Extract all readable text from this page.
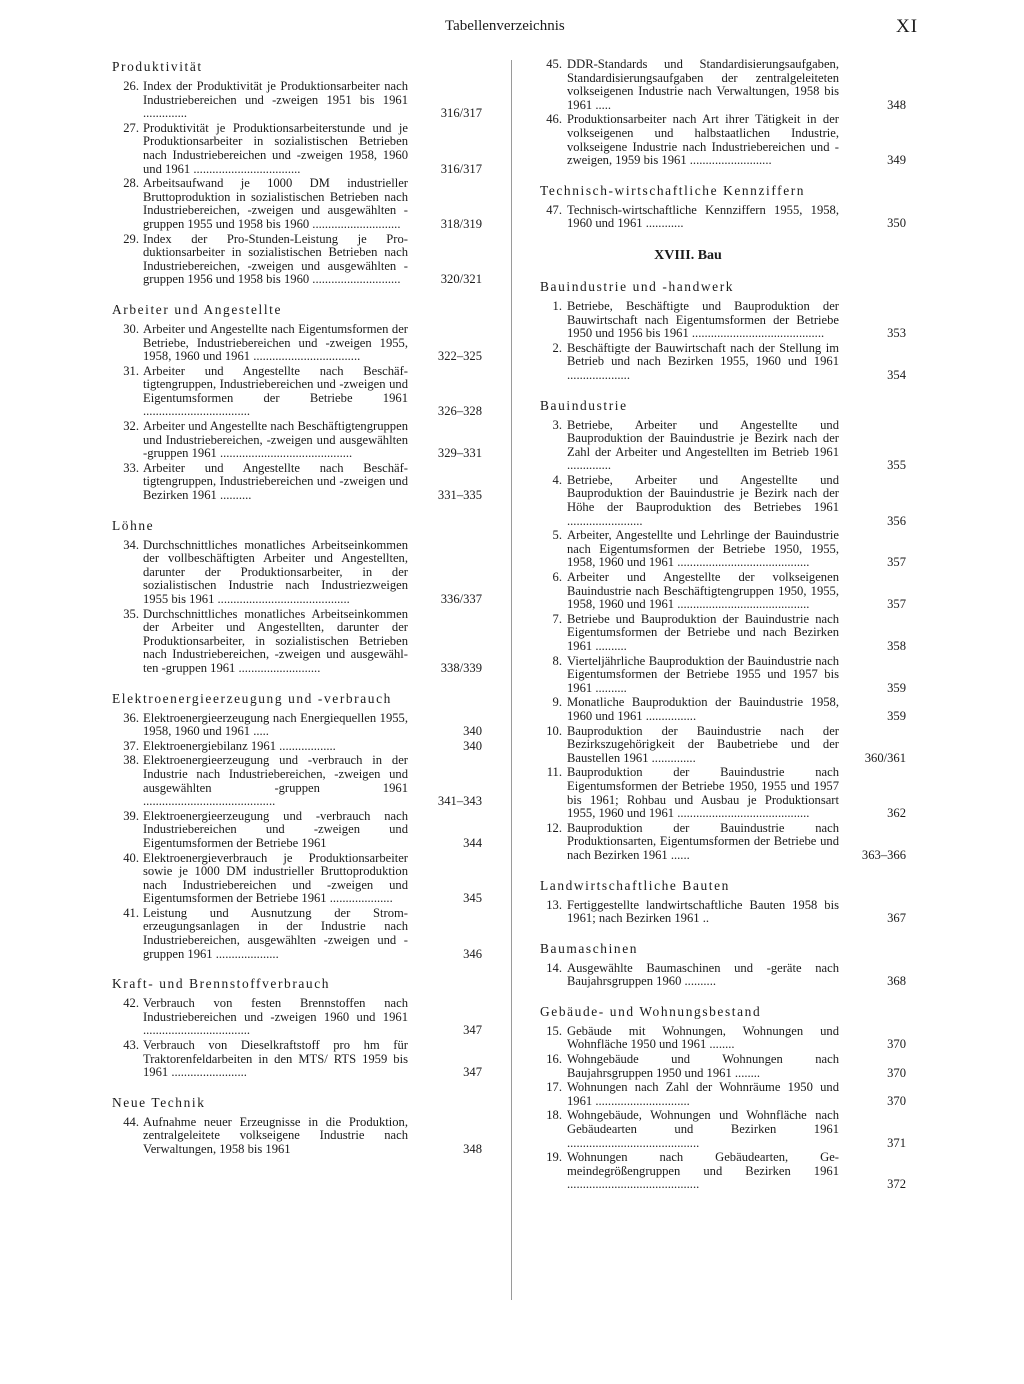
Tabellenverzeichnis	XI
Produktivität
26. Index der Produktivität je Produktionsarbeiter nach Industriebereichen und -zweigen 1951 bis 1961 ..............	316/317
27. Produktivität je Produktionsarbeiterstunde und je Produktionsarbeiter in sozialistischen Betrieben nach Industriebereichen und -zweigen 1958, 1960 und 1961 ..................................	316/317
28. Arbeitsaufwand je 1000 DM industrieller Bruttoproduktion in sozialistischen Betrieben nach Industriebereichen, -zweigen und ausgewählten -gruppen 1955 und 1958 bis 1960 ............................	318/319
29. Index der Pro-Stunden-Leistung je Produktionsarbeiter in sozialistischen Betrieben nach Industriebereichen, -zweigen und ausgewählten -gruppen 1956 und 1958 bis 1960 ............................	320/321
Arbeiter und Angestellte
30. Arbeiter und Angestellte nach Eigentumsformen der Betriebe, Industriebereichen und -zweigen 1955, 1958, 1960 und 1961 ..................................	322–325
31. Arbeiter und Angestellte nach Beschäftigtengruppen, Industriebereichen und -zweigen und Eigentumsformen der Betriebe 1961 ..................................	326–328
32. Arbeiter und Angestellte nach Beschäftigtengruppen und Industriebereichen, -zweigen und ausgewählten -gruppen 1961 ..........................................	329–331
33. Arbeiter und Angestellte nach Beschäftigtengruppen, Industriebereichen und -zweigen und Bezirken 1961 ..........	331–335
Löhne
34. Durchschnittliches monatliches Arbeitseinkommen der vollbeschäftigten Arbeiter und Angestellten, darunter der Produktionsarbeiter, in der sozialistischen Industrie nach Industriezweigen 1955 bis 1961 ..........................................	336/337
35. Durchschnittliches monatliches Arbeitseinkommen der Arbeiter und Angestellten, darunter der Produktionsarbeiter, in sozialistischen Betrieben nach Industriebereichen, -zweigen und ausgewählten -gruppen 1961 ..........................	338/339
Elektroenergieerzeugung und -verbrauch
36. Elektroenergieerzeugung nach Energiequellen 1955, 1958, 1960 und 1961 .....	340
37. Elektroenergiebilanz 1961 ..................	340
38. Elektroenergieerzeugung und -verbrauch in der Industrie nach Industriebereichen, -zweigen und ausgewählten -gruppen 1961 ..........................................	341–343
39. Elektroenergieerzeugung und -verbrauch nach Industriebereichen und -zweigen und Eigentumsformen der Betriebe 1961	344
40. Elektroenergieverbrauch je Produktionsarbeiter sowie je 1000 DM industrieller Bruttoproduktion nach Industriebereichen und -zweigen und Eigentumsformen der Betriebe 1961 ....................	345
41. Leistung und Ausnutzung der Stromerzeugungsanlagen in der Industrie nach Industriebereichen, ausgewählten -zweigen und -gruppen 1961 ....................	346
Kraft- und Brennstoffverbrauch
42. Verbrauch von festen Brennstoffen nach Industriebereichen und -zweigen 1960 und 1961 ..................................	347
43. Verbrauch von Dieselkraftstoff pro hm für Traktorenfeldarbeiten in den MTS/ RTS 1959 bis 1961 ........................	347
Neue Technik
44. Aufnahme neuer Erzeugnisse in die Produktion, zentralgeleitete volkseigene Industrie nach Verwaltungen, 1958 bis 1961	348
45. DDR-Standards und Standardisierungsaufgaben, Standardisierungsaufgaben der zentralgeleiteten volkseigenen Industrie nach Verwaltungen, 1958 bis 1961 .....	348
46. Produktionsarbeiter nach Art ihrer Tätigkeit in der volkseigenen und halbstaatlichen Industrie, volkseigene Industrie nach Industriebereichen und -zweigen, 1959 bis 1961 ..........................	349
Technisch-wirtschaftliche Kennziffern
47. Technisch-wirtschaftliche Kennziffern 1955, 1958, 1960 und 1961 ............	350
XVIII. Bau
Bauindustrie und -handwerk
1. Betriebe, Beschäftigte und Bauproduktion der Bauwirtschaft nach Eigentumsformen der Betriebe 1950 und 1956 bis 1961 ..........................................	353
2. Beschäftigte der Bauwirtschaft nach der Stellung im Betrieb und nach Bezirken 1955, 1960 und 1961 ....................	354
Bauindustrie
3. Betriebe, Arbeiter und Angestellte und Bauproduktion der Bauindustrie je Bezirk nach der Zahl der Arbeiter und Angestellten im Betrieb 1961 ..............	355
4. Betriebe, Arbeiter und Angestellte und Bauproduktion der Bauindustrie je Bezirk nach der Höhe der Bauproduktion des Betriebes 1961 ........................	356
5. Arbeiter, Angestellte und Lehrlinge der Bauindustrie nach Eigentumsformen der Betriebe 1950, 1955, 1958, 1960 und 1961 ..........................................	357
6. Arbeiter und Angestellte der volkseigenen Bauindustrie nach Beschäftigtengruppen 1950, 1955, 1958, 1960 und 1961 ..........................................	357
7. Betriebe und Bauproduktion der Bauindustrie nach Eigentumsformen der Betriebe und nach Bezirken 1961 ..........	358
8. Vierteljährliche Bauproduktion der Bauindustrie nach Eigentumsformen der Betriebe 1955 und 1957 bis 1961 ..........	359
9. Monatliche Bauproduktion der Bauindustrie 1958, 1960 und 1961 ................	359
10. Bauproduktion der Bauindustrie nach der Bezirkszugehörigkeit der Baubetriebe und der Baustellen 1961 ..............	360/361
11. Bauproduktion der Bauindustrie nach Eigentumsformen der Betriebe 1950, 1955 und 1957 bis 1961; Rohbau und Ausbau je Produktionsart 1955, 1960 und 1961 ..........................................	362
12. Bauproduktion der Bauindustrie nach Produktionsarten, Eigentumsformen der Betriebe und nach Bezirken 1961 ......	363–366
Landwirtschaftliche Bauten
13. Fertiggestellte landwirtschaftliche Bauten 1958 bis 1961; nach Bezirken 1961 ..	367
Baumaschinen
14. Ausgewählte Baumaschinen und -geräte nach Baujahrsgruppen 1960 ..........	368
Gebäude- und Wohnungsbestand
15. Gebäude mit Wohnungen, Wohnungen und Wohnfläche 1950 und 1961 ........	370
16. Wohngebäude und Wohnungen nach Baujahrsgruppen 1950 und 1961 ........	370
17. Wohnungen nach Zahl der Wohnräume 1950 und 1961 ..............................	370
18. Wohngebäude, Wohnungen und Wohnfläche nach Gebäudearten und Bezirken 1961 ..........................................	371
19. Wohnungen nach Gebäudearten, Gemeindegrößengruppen und Bezirken 1961 ..........................................	372
